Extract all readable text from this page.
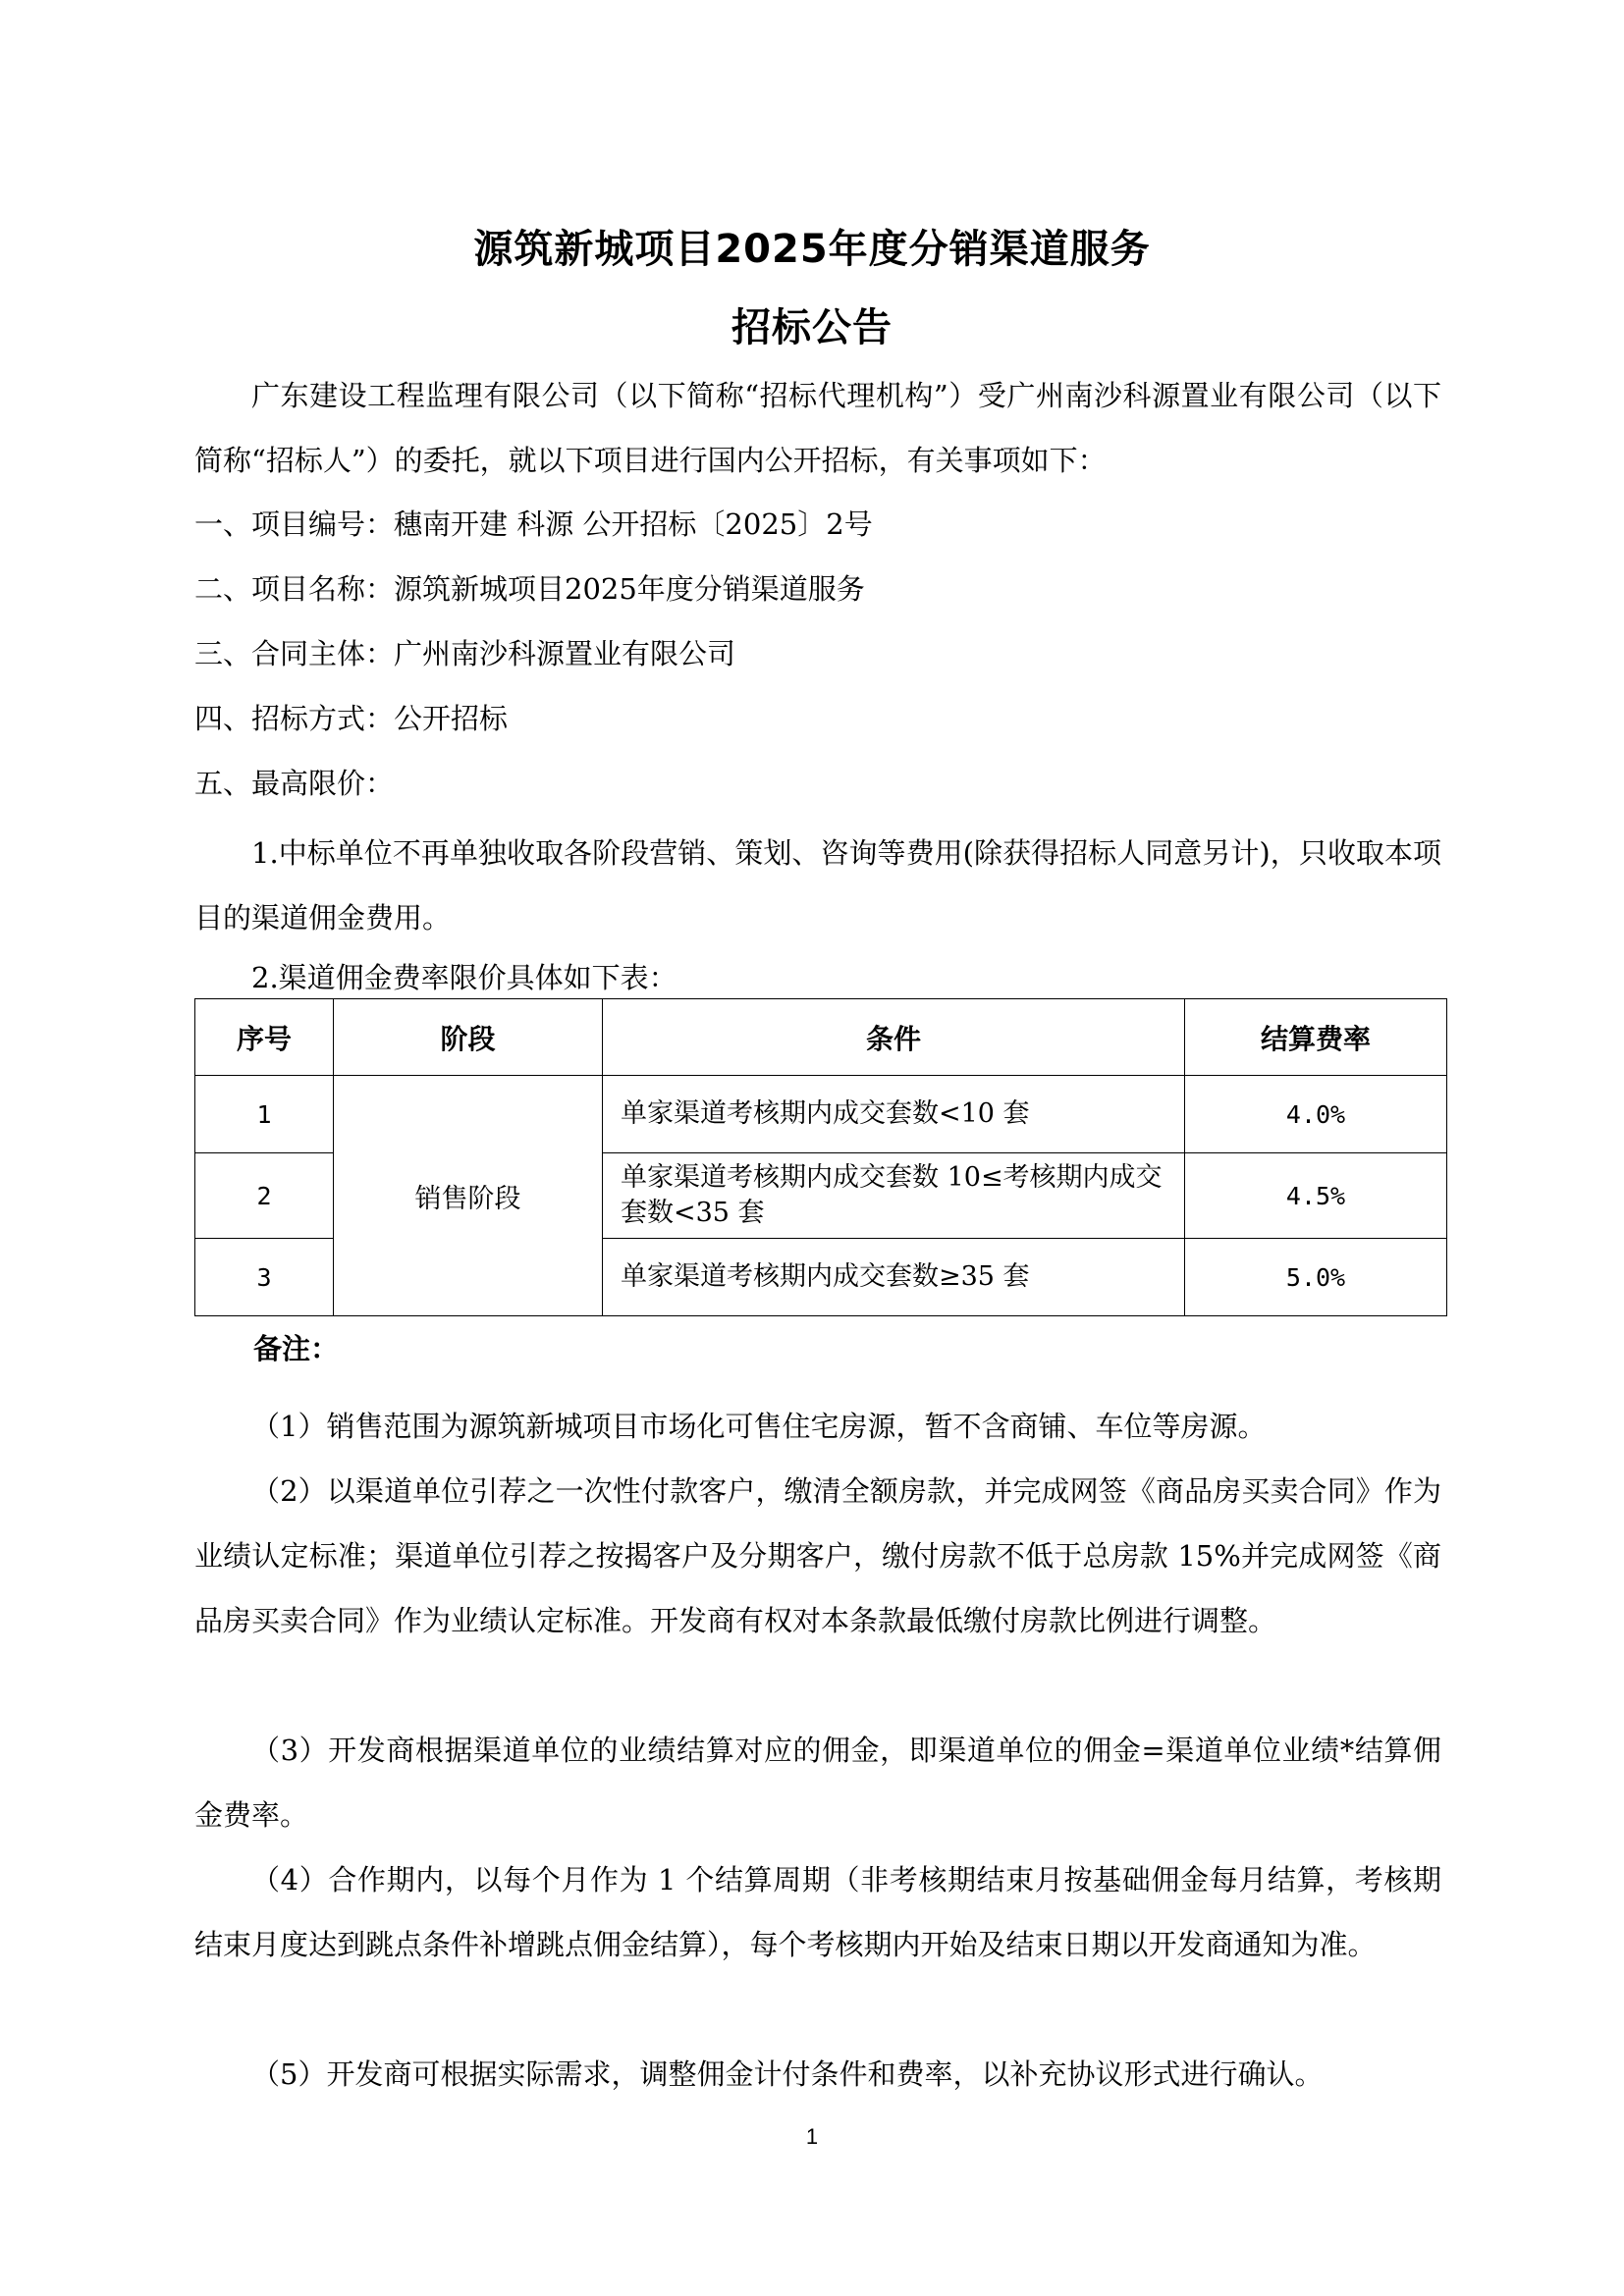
源筑新城项目2025年度分销渠道服务
招标公告
广东建设工程监理有限公司（以下简称“招标代理机构”）受广州南沙科源置业有限公司（以下简称“招标人”）的委托，就以下项目进行国内公开招标，有关事项如下：
一、项目编号：穗南开建 科源 公开招标〔2025〕2号
二、项目名称：源筑新城项目2025年度分销渠道服务
三、合同主体：广州南沙科源置业有限公司
四、招标方式：公开招标
五、最高限价：
1.中标单位不再单独收取各阶段营销、策划、咨询等费用(除获得招标人同意另计)，只收取本项目的渠道佣金费用。
2.渠道佣金费率限价具体如下表：
序号	阶段	条件	结算费率
1	销售阶段	单家渠道考核期内成交套数<10 套	4.0%
2		单家渠道考核期内成交套数 10≤考核期内成交套数<35 套	4.5%
3		单家渠道考核期内成交套数≥35 套	5.0%
备注：
（1）销售范围为源筑新城项目市场化可售住宅房源，暂不含商铺、车位等房源。
（2）以渠道单位引荐之一次性付款客户，缴清全额房款，并完成网签《商品房买卖合同》作为业绩认定标准；渠道单位引荐之按揭客户及分期客户，缴付房款不低于总房款 15%并完成网签《商品房买卖合同》作为业绩认定标准。开发商有权对本条款最低缴付房款比例进行调整。
（3）开发商根据渠道单位的业绩结算对应的佣金，即渠道单位的佣金=渠道单位业绩*结算佣金费率。
（4）合作期内，以每个月作为 1 个结算周期（非考核期结束月按基础佣金每月结算，考核期结束月度达到跳点条件补增跳点佣金结算），每个考核期内开始及结束日期以开发商通知为准。
（5）开发商可根据实际需求，调整佣金计付条件和费率，以补充协议形式进行确认。
1
